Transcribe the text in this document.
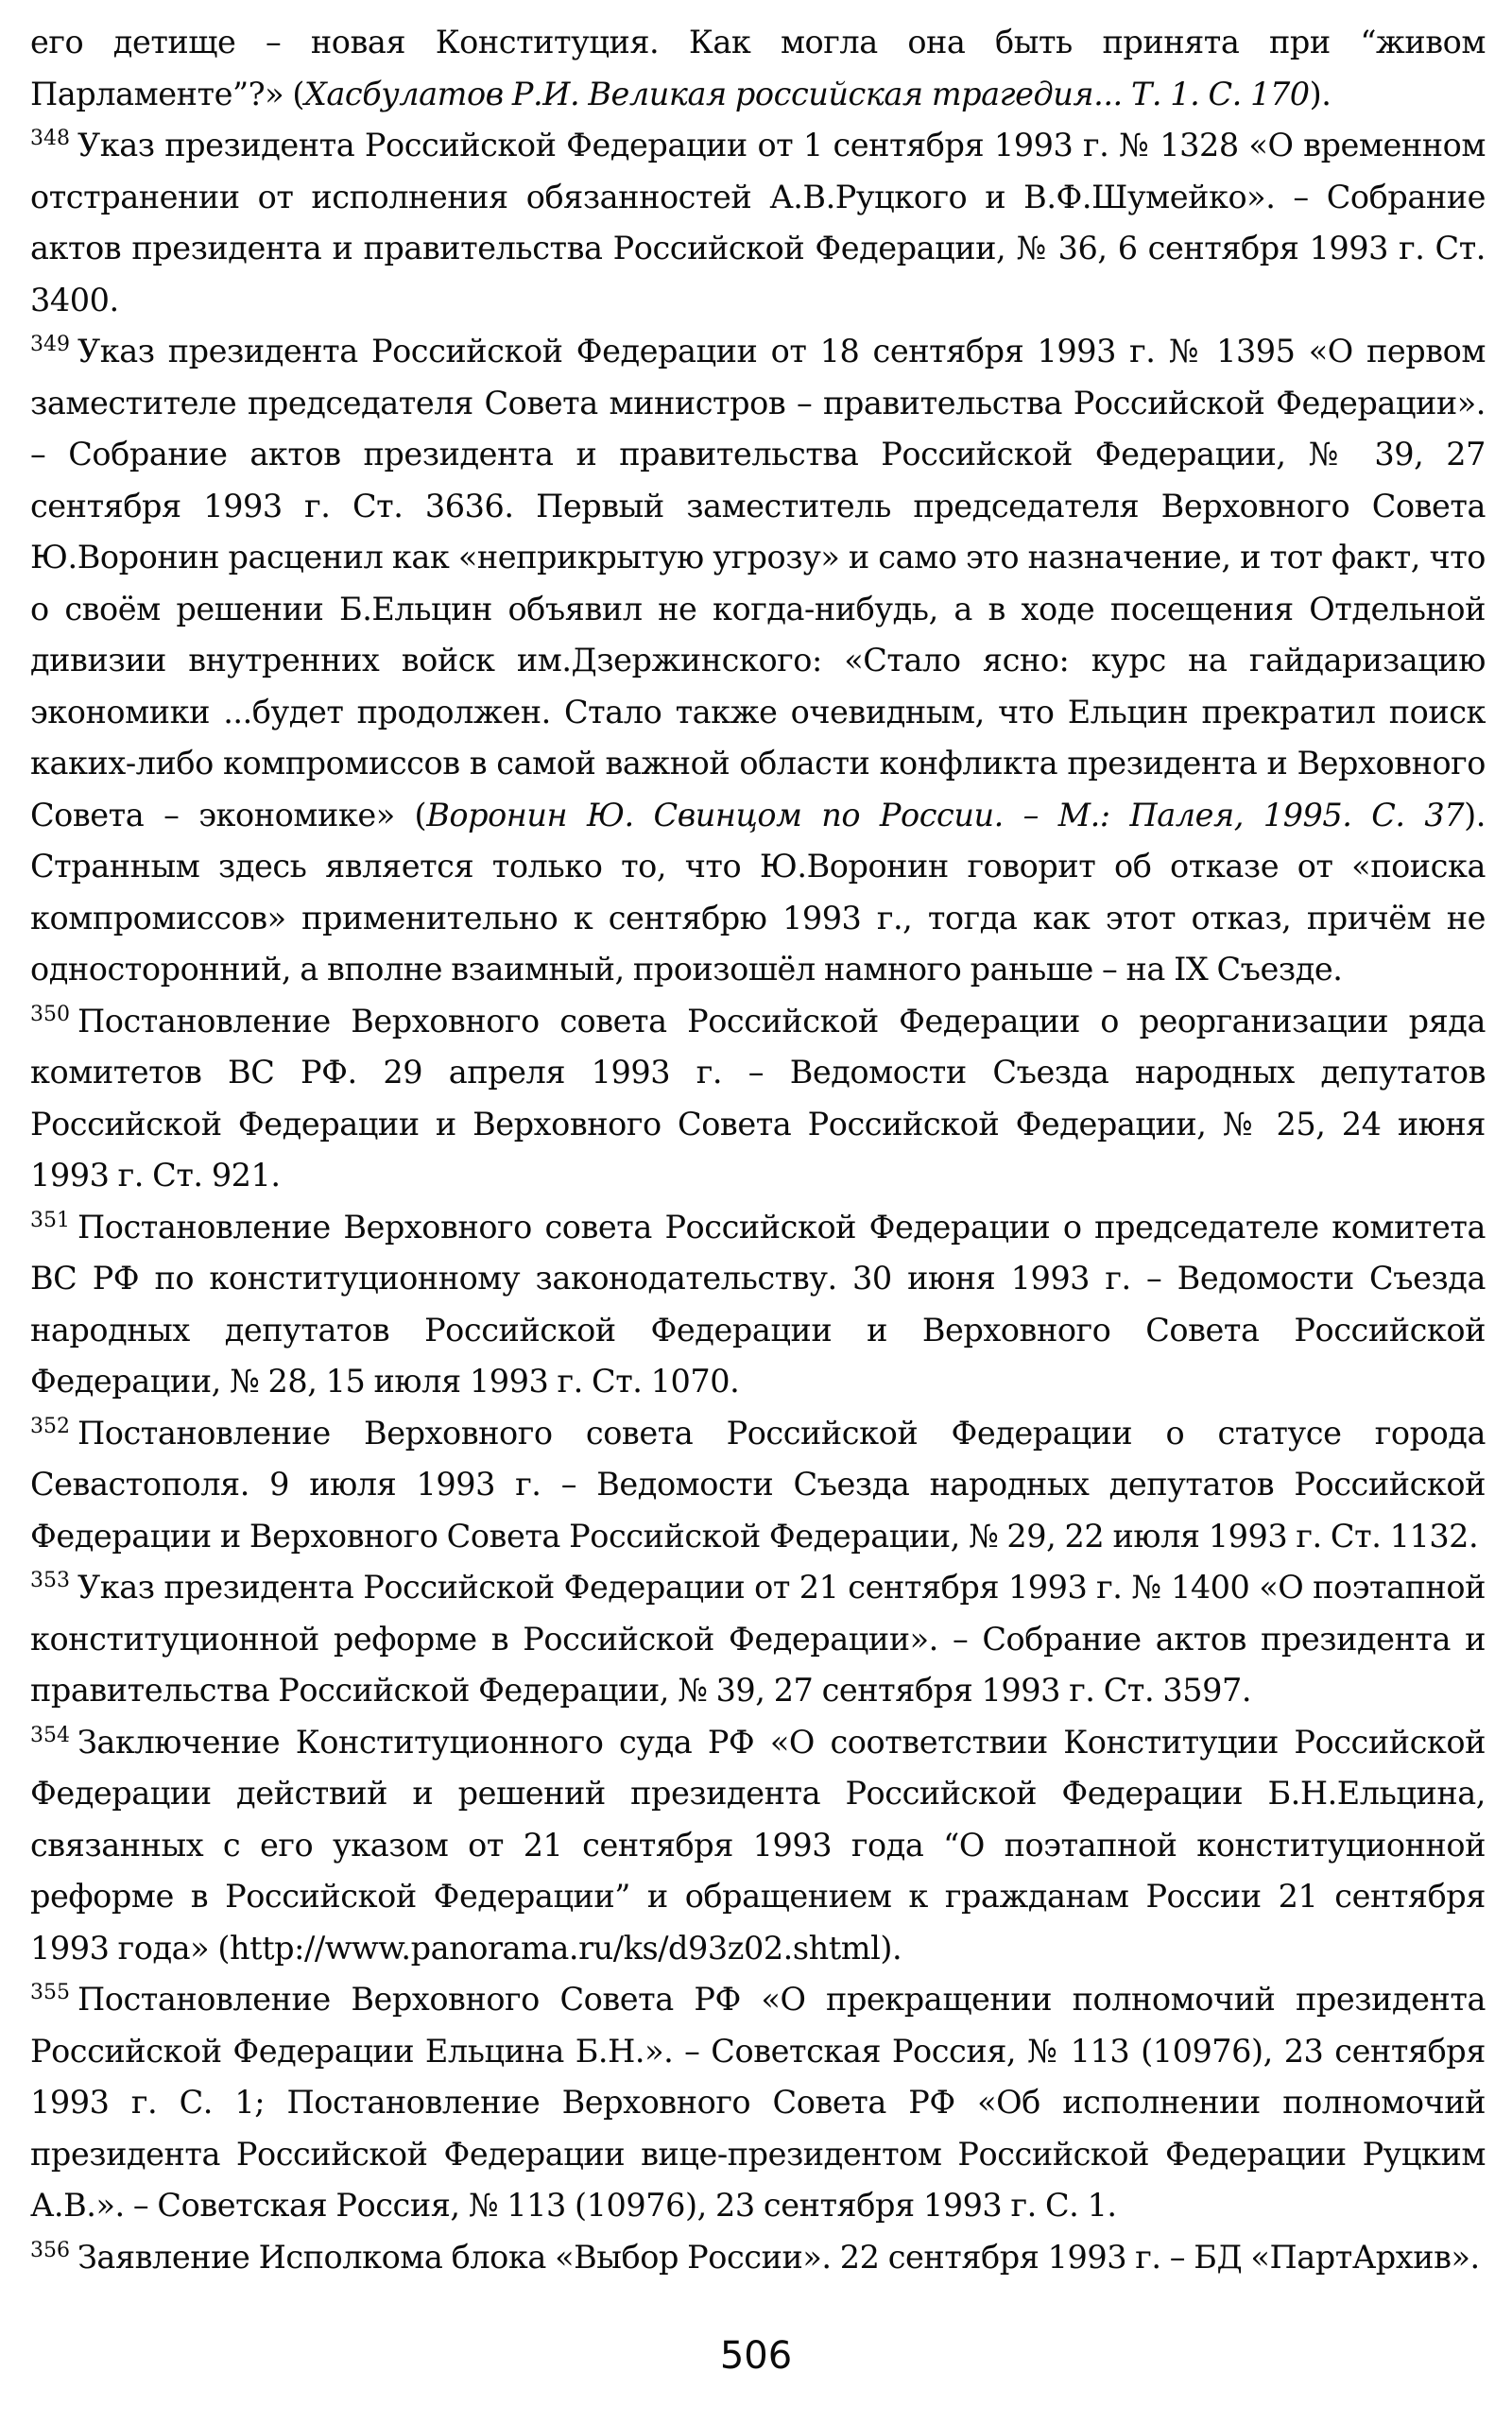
его детище – новая Конституция. Как могла она быть принята при “живом Парламенте”?» (Хасбулатов Р.И. Великая российская трагедия... Т. 1. С. 170).

$^{348}$ Указ президента Российской Федерации от 1 сентября 1993 г. № 1328 «О временном отстранении от исполнения обязанностей А.В.Руцкого и В.Ф.Шумейко». – Собрание актов президента и правительства Российской Федерации, № 36, 6 сентября 1993 г. Ст. 3400.

$^{349}$ Указ президента Российской Федерации от 18 сентября 1993 г. № 1395 «О первом заместителе председателя Совета министров – правительства Российской Федерации». – Собрание актов президента и правительства Российской Федерации, № 39, 27 сентября 1993 г. Ст. 3636. Первый заместитель председателя Верховного Совета Ю.Воронин расценил как «неприкрытую угрозу» и само это назначение, и тот факт, что о своём решении Б.Ельцин объявил не когда-нибудь, а в ходе посещения Отдельной дивизии внутренних войск им.Дзержинского: «Стало ясно: курс на гайдаризацию экономики ...будет продолжен. Стало также очевидным, что Ельцин прекратил поиск каких-либо компромиссов в самой важной области конфликта президента и Верховного Совета – экономике» (Воронин Ю. Свинцом по России. – М.: Палея, 1995. С. 37). Странным здесь является только то, что Ю.Воронин говорит об отказе от «поиска компромиссов» применительно к сентябрю 1993 г., тогда как этот отказ, причём не односторонний, а вполне взаимный, произошёл намного раньше – на IX Съезде.

$^{350}$ Постановление Верховного совета Российской Федерации о реорганизации ряда комитетов ВС РФ. 29 апреля 1993 г. – Ведомости Съезда народных депутатов Российской Федерации и Верховного Совета Российской Федерации, № 25, 24 июня 1993 г. Ст. 921.

$^{351}$ Постановление Верховного совета Российской Федерации о председателе комитета ВС РФ по конституционному законодательству. 30 июня 1993 г. – Ведомости Съезда народных депутатов Российской Федерации и Верховного Совета Российской Федерации, № 28, 15 июля 1993 г. Ст. 1070.

$^{352}$ Постановление Верховного совета Российской Федерации о статусе города Севастополя. 9 июля 1993 г. – Ведомости Съезда народных депутатов Российской Федерации и Верховного Совета Российской Федерации, № 29, 22 июля 1993 г. Ст. 1132.

$^{353}$ Указ президента Российской Федерации от 21 сентября 1993 г. № 1400 «О поэтапной конституционной реформе в Российской Федерации». – Собрание актов президента и правительства Российской Федерации, № 39, 27 сентября 1993 г. Ст. 3597.

$^{354}$ Заключение Конституционного суда РФ «О соответствии Конституции Российской Федерации действий и решений президента Российской Федерации Б.Н.Ельцина, связанных с его указом от 21 сентября 1993 года “О поэтапной конституционной реформе в Российской Федерации” и обращением к гражданам России 21 сентября 1993 года» (http://www.panorama.ru/ks/d93z02.shtml).

$^{355}$ Постановление Верховного Совета РФ «О прекращении полномочий президента Российской Федерации Ельцина Б.Н.». – Советская Россия, № 113 (10976), 23 сентября 1993 г. С. 1; Постановление Верховного Совета РФ «Об исполнении полномочий президента Российской Федерации вице-президентом Российской Федерации Руцким А.В.». – Советская Россия, № 113 (10976), 23 сентября 1993 г. С. 1.

$^{356}$ Заявление Исполкома блока «Выбор России». 22 сентября 1993 г. – БД «ПартАрхив».

506
